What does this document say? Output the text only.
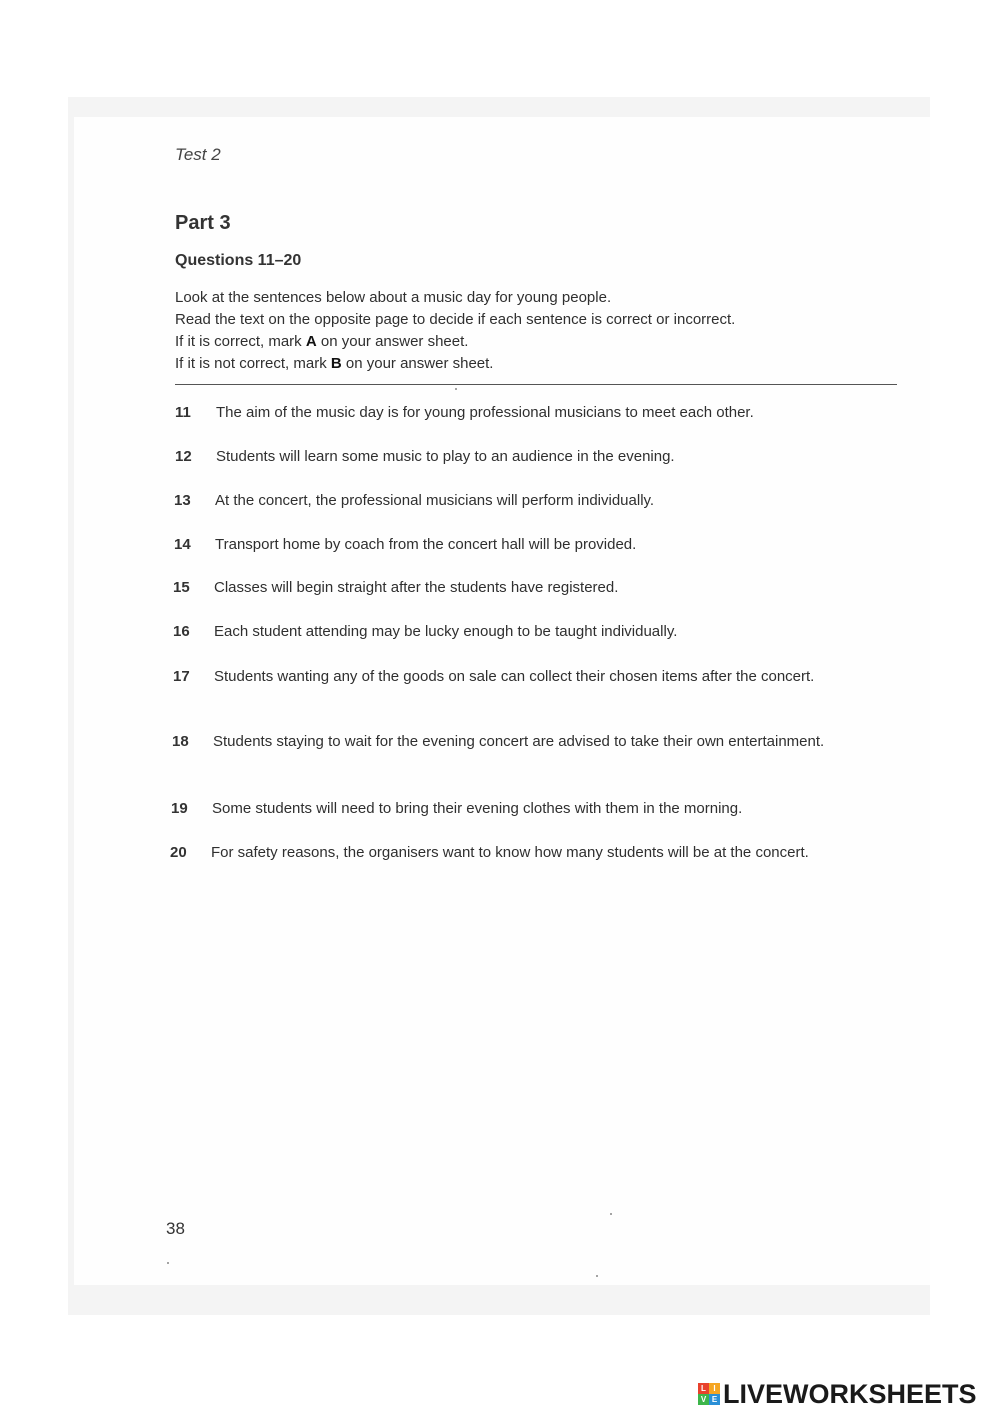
Test 2
Part 3
Questions 11–20
Look at the sentences below about a music day for young people.
Read the text on the opposite page to decide if each sentence is correct or incorrect.
If it is correct, mark A on your answer sheet.
If it is not correct, mark B on your answer sheet.
11	The aim of the music day is for young professional musicians to meet each other.
12	Students will learn some music to play to an audience in the evening.
13	At the concert, the professional musicians will perform individually.
14	Transport home by coach from the concert hall will be provided.
15	Classes will begin straight after the students have registered.
16	Each student attending may be lucky enough to be taught individually.
17	Students wanting any of the goods on sale can collect their chosen items after the concert.
18	Students staying to wait for the evening concert are advised to take their own entertainment.
19	Some students will need to bring their evening clothes with them in the morning.
20	For safety reasons, the organisers want to know how many students will be at the concert.
38
L I
V E LIVEWORKSHEETS
